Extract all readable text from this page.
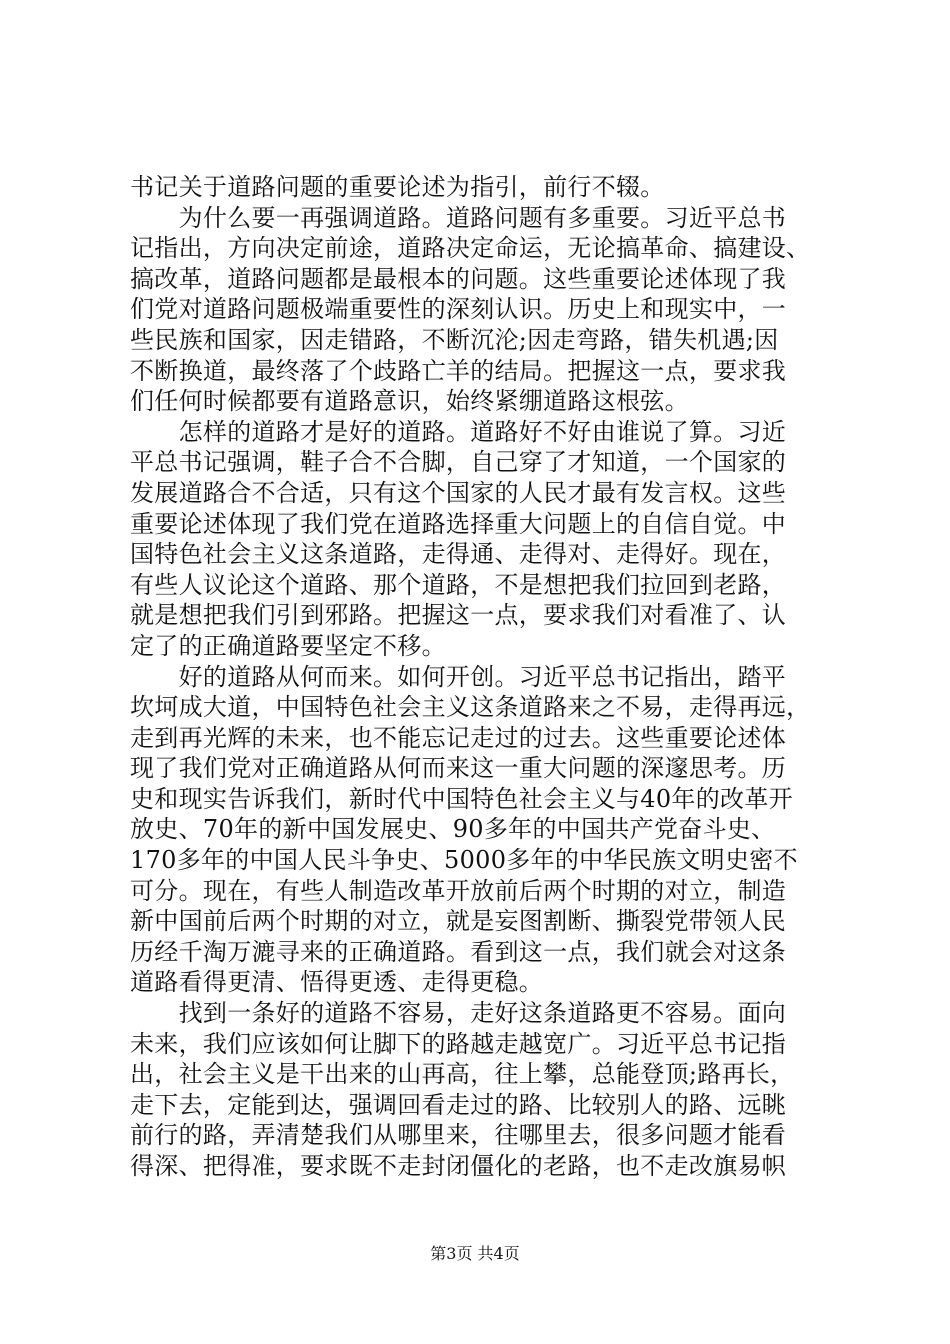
书记关于道路问题的重要论述为指引，前行不辍。
　　为什么要一再强调道路。道路问题有多重要。习近平总书
记指出，方向决定前途，道路决定命运，无论搞革命、搞建设、
搞改革，道路问题都是最根本的问题。这些重要论述体现了我
们党对道路问题极端重要性的深刻认识。历史上和现实中，一
些民族和国家，因走错路，不断沉沦;因走弯路，错失机遇;因
不断换道，最终落了个歧路亡羊的结局。把握这一点，要求我
们任何时候都要有道路意识，始终紧绷道路这根弦。
　　怎样的道路才是好的道路。道路好不好由谁说了算。习近
平总书记强调，鞋子合不合脚，自己穿了才知道，一个国家的
发展道路合不合适，只有这个国家的人民才最有发言权。这些
重要论述体现了我们党在道路选择重大问题上的自信自觉。中
国特色社会主义这条道路，走得通、走得对、走得好。现在，
有些人议论这个道路、那个道路，不是想把我们拉回到老路，
就是想把我们引到邪路。把握这一点，要求我们对看准了、认
定了的正确道路要坚定不移。
　　好的道路从何而来。如何开创。习近平总书记指出，踏平
坎坷成大道，中国特色社会主义这条道路来之不易，走得再远，
走到再光辉的未来，也不能忘记走过的过去。这些重要论述体
现了我们党对正确道路从何而来这一重大问题的深邃思考。历
史和现实告诉我们，新时代中国特色社会主义与40年的改革开
放史、70年的新中国发展史、90多年的中国共产党奋斗史、
170多年的中国人民斗争史、5000多年的中华民族文明史密不
可分。现在，有些人制造改革开放前后两个时期的对立，制造
新中国前后两个时期的对立，就是妄图割断、撕裂党带领人民
历经千淘万漉寻来的正确道路。看到这一点，我们就会对这条
道路看得更清、悟得更透、走得更稳。
　　找到一条好的道路不容易，走好这条道路更不容易。面向
未来，我们应该如何让脚下的路越走越宽广。习近平总书记指
出，社会主义是干出来的山再高，往上攀，总能登顶;路再长，
走下去，定能到达，强调回看走过的路、比较别人的路、远眺
前行的路，弄清楚我们从哪里来，往哪里去，很多问题才能看
得深、把得准，要求既不走封闭僵化的老路，也不走改旗易帜
第3页 共4页
